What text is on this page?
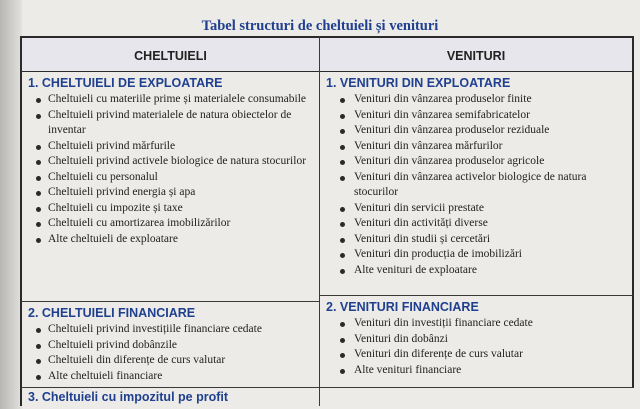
Tabel structuri de cheltuieli și venituri
CHELTUIELI
1. CHELTUIELI DE EXPLOATARE
Cheltuieli cu materiile prime și materialele consumabile
Cheltuieli privind materialele de natura obiectelor de inventar
Cheltuieli privind mărfurile
Cheltuieli privind activele biologice de natura stocurilor
Cheltuieli cu personalul
Cheltuieli privind energia și apa
Cheltuieli cu impozite și taxe
Cheltuieli cu amortizarea imobilizărilor
Alte cheltuieli de exploatare
2. CHELTUIELI FINANCIARE
Cheltuieli privind investițiile financiare cedate
Cheltuieli privind dobânzile
Cheltuieli din diferențe de curs valutar
Alte cheltuieli financiare
3. Cheltuieli cu impozitul pe profit
VENITURI
1. VENITURI DIN EXPLOATARE
Venituri din vânzarea produselor finite
Venituri din vânzarea semifabricatelor
Venituri din vânzarea produselor reziduale
Venituri din vânzarea mărfurilor
Venituri din vânzarea produselor agricole
Venituri din vânzarea activelor biologice de natura stocurilor
Venituri din servicii prestate
Venituri din activități diverse
Venituri din studii și cercetări
Venituri din producția de imobilizări
Alte venituri de exploatare
2. VENITURI FINANCIARE
Venituri din investiții financiare cedate
Venituri din dobânzi
Venituri din diferențe de curs valutar
Alte venituri financiare
